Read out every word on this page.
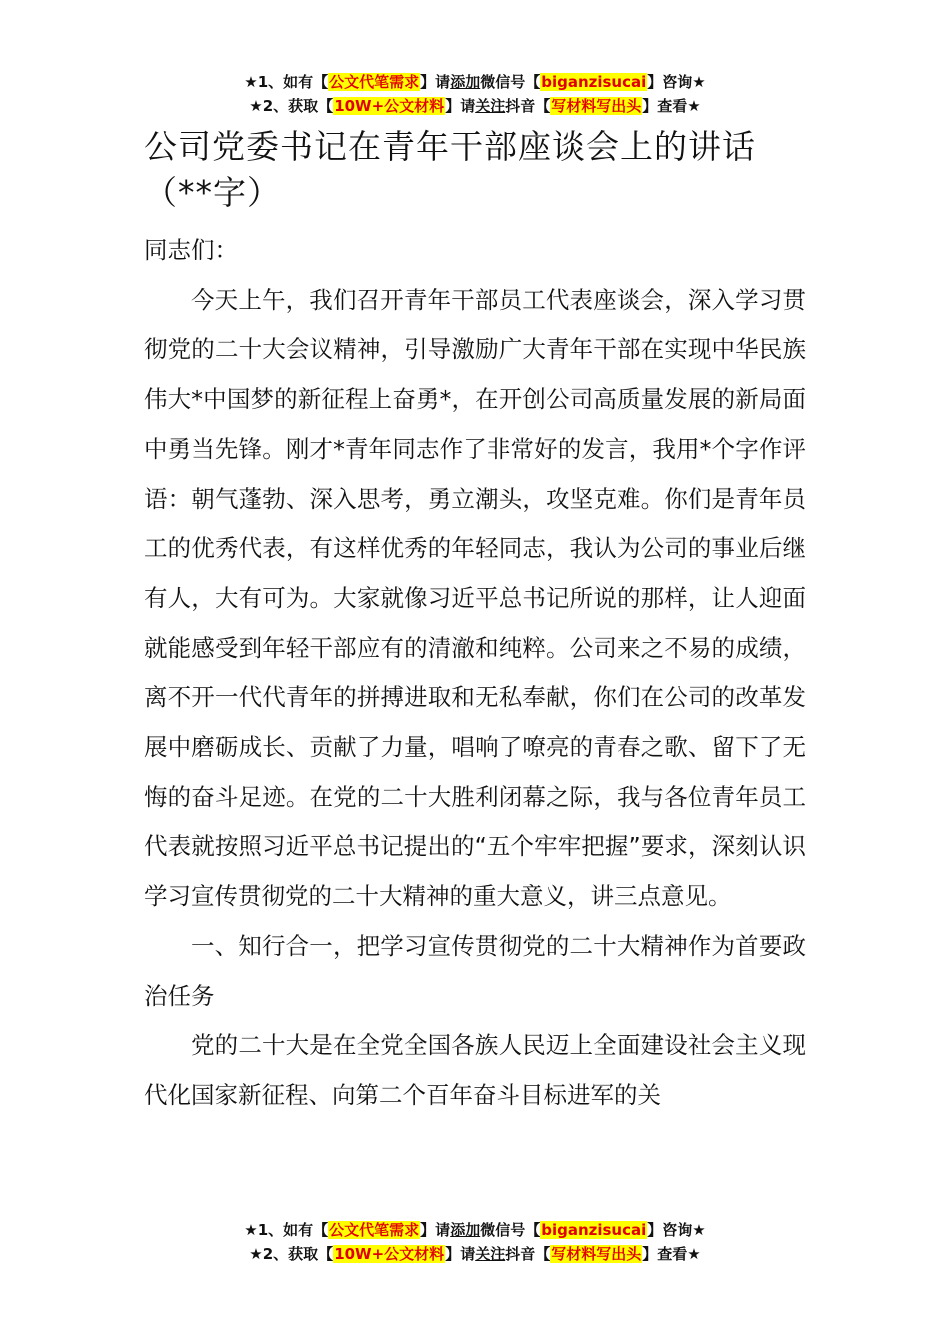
★1、如有【公文代笔需求】请添加微信号【biganzisucai】咨询★
★2、获取【10W+公文材料】请关注抖音【写材料写出头】查看★
公司党委书记在青年干部座谈会上的讲话（**字）

同志们：

今天上午，我们召开青年干部员工代表座谈会，深入学习贯彻党的二十大会议精神，引导激励广大青年干部在实现中华民族伟大*中国梦的新征程上奋勇*，在开创公司高质量发展的新局面中勇当先锋。刚才*青年同志作了非常好的发言，我用*个字作评语：朝气蓬勃、深入思考，勇立潮头，攻坚克难。你们是青年员工的优秀代表，有这样优秀的年轻同志，我认为公司的事业后继有人，大有可为。大家就像习近平总书记所说的那样，让人迎面就能感受到年轻干部应有的清澈和纯粹。公司来之不易的成绩，离不开一代代青年的拼搏进取和无私奉献，你们在公司的改革发展中磨砺成长、贡献了力量，唱响了嘹亮的青春之歌、留下了无悔的奋斗足迹。在党的二十大胜利闭幕之际，我与各位青年员工代表就按照习近平总书记提出的“五个牢牢把握”要求，深刻认识学习宣传贯彻党的二十大精神的重大意义，讲三点意见。

一、知行合一，把学习宣传贯彻党的二十大精神作为首要政治任务

党的二十大是在全党全国各族人民迈上全面建设社会主义现代化国家新征程、向第二个百年奋斗目标进军的关

★1、如有【公文代笔需求】请添加微信号【biganzisucai】咨询★
★2、获取【10W+公文材料】请关注抖音【写材料写出头】查看★
